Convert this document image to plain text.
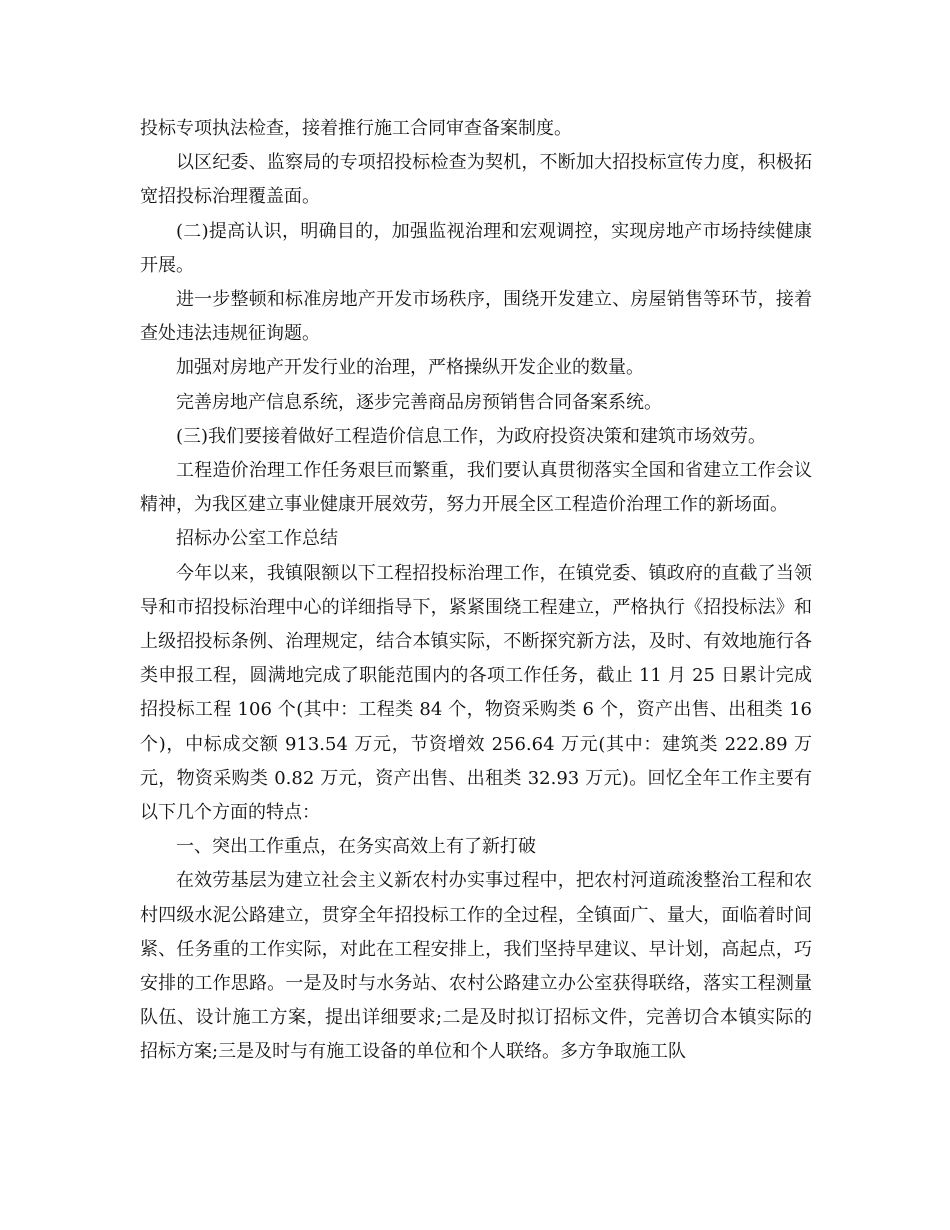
投标专项执法检查，接着推行施工合同审查备案制度。

以区纪委、监察局的专项招投标检查为契机，不断加大招投标宣传力度，积极拓宽招投标治理覆盖面。

(二)提高认识，明确目的，加强监视治理和宏观调控，实现房地产市场持续健康开展。

进一步整顿和标准房地产开发市场秩序，围绕开发建立、房屋销售等环节，接着查处违法违规征询题。

加强对房地产开发行业的治理，严格操纵开发企业的数量。

完善房地产信息系统，逐步完善商品房预销售合同备案系统。

(三)我们要接着做好工程造价信息工作，为政府投资决策和建筑市场效劳。

工程造价治理工作任务艰巨而繁重，我们要认真贯彻落实全国和省建立工作会议精神，为我区建立事业健康开展效劳，努力开展全区工程造价治理工作的新场面。

招标办公室工作总结

今年以来，我镇限额以下工程招投标治理工作，在镇党委、镇政府的直截了当领导和市招投标治理中心的详细指导下，紧紧围绕工程建立，严格执行《招投标法》和上级招投标条例、治理规定，结合本镇实际，不断探究新方法，及时、有效地施行各类申报工程，圆满地完成了职能范围内的各项工作任务，截止 11 月 25 日累计完成招投标工程 106 个(其中：工程类 84 个，物资采购类 6 个，资产出售、出租类 16 个)，中标成交额 913.54 万元，节资增效 256.64 万元(其中：建筑类 222.89 万元，物资采购类 0.82 万元，资产出售、出租类 32.93 万元)。回忆全年工作主要有以下几个方面的特点：

一、突出工作重点，在务实高效上有了新打破

在效劳基层为建立社会主义新农村办实事过程中，把农村河道疏浚整治工程和农村四级水泥公路建立，贯穿全年招投标工作的全过程，全镇面广、量大，面临着时间紧、任务重的工作实际，对此在工程安排上，我们坚持早建议、早计划，高起点，巧安排的工作思路。一是及时与水务站、农村公路建立办公室获得联络，落实工程测量队伍、设计施工方案，提出详细要求;二是及时拟订招标文件，完善切合本镇实际的招标方案;三是及时与有施工设备的单位和个人联络。多方争取施工队
